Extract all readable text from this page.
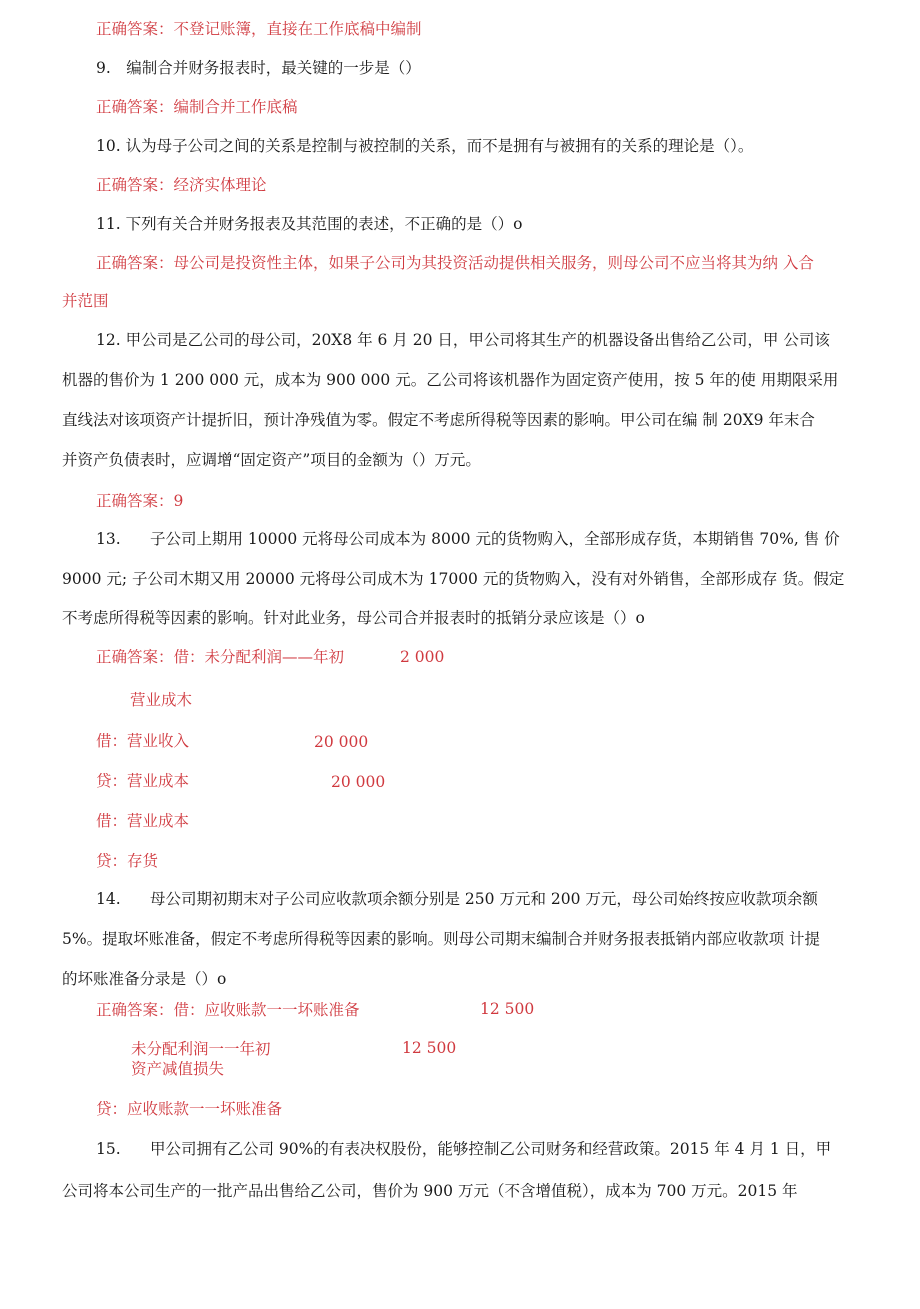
正确答案：不登记账簿，直接在工作底稿中编制
9.　编制合并财务报表时，最关键的一步是（）
正确答案：编制合并工作底稿
10. 认为母子公司之间的关系是控制与被控制的关系，而不是拥有与被拥有的关系的理论是（）。
正确答案：经济实体理论
11. 下列有关合并财务报表及其范围的表述，不正确的是（）o
正确答案：母公司是投资性主体，如果子公司为其投资活动提供相关服务，则母公司不应当将其为纳 入合
并范围
12. 甲公司是乙公司的母公司，20X8 年 6 月 20 日，甲公司将其生产的机器设备出售给乙公司，甲 公司该
机器的售价为 1 200 000 元，成本为 900 000 元。乙公司将该机器作为固定资产使用，按 5 年的使 用期限采用
直线法对该项资产计提折旧，预计净残值为零。假定不考虑所得税等因素的影响。甲公司在编 制 20X9 年末合
并资产负债表时，应调增“固定资产”项目的金额为（）万元。
正确答案：9
13. 子公司上期用 10000 元将母公司成本为 8000 元的货物购入，全部形成存货，本期销售 70%, 售 价
9000 元; 子公司木期又用 20000 元将母公司成木为 17000 元的货物购入，没有对外销售，全部形成存 货。假定
不考虑所得税等因素的影响。针对此业务，母公司合并报表时的抵销分录应该是（）o
正确答案：借：未分配利润——年初	2 000
营业成木
借：营业收入	20 000
贷：营业成本	20 000
借：营业成本
贷：存货
14. 母公司期初期末对子公司应收款项余额分别是 250 万元和 200 万元，母公司始终按应收款项余额
5%。提取坏账准备，假定不考虑所得税等因素的影响。则母公司期末编制合并财务报表抵销内部应收款项 计提
的坏账准备分录是（）o
正确答案：借：应收账款一一坏账准备	12 500
未分配利润一一年初	12 500
资产减值损失
贷：应收账款一一坏账准备
15. 甲公司拥有乙公司 90%的有表决权股份，能够控制乙公司财务和经营政策。2015 年 4 月 1 日，甲
公司将本公司生产的一批产品出售给乙公司，售价为 900 万元（不含增值税），成本为 700 万元。2015 年
